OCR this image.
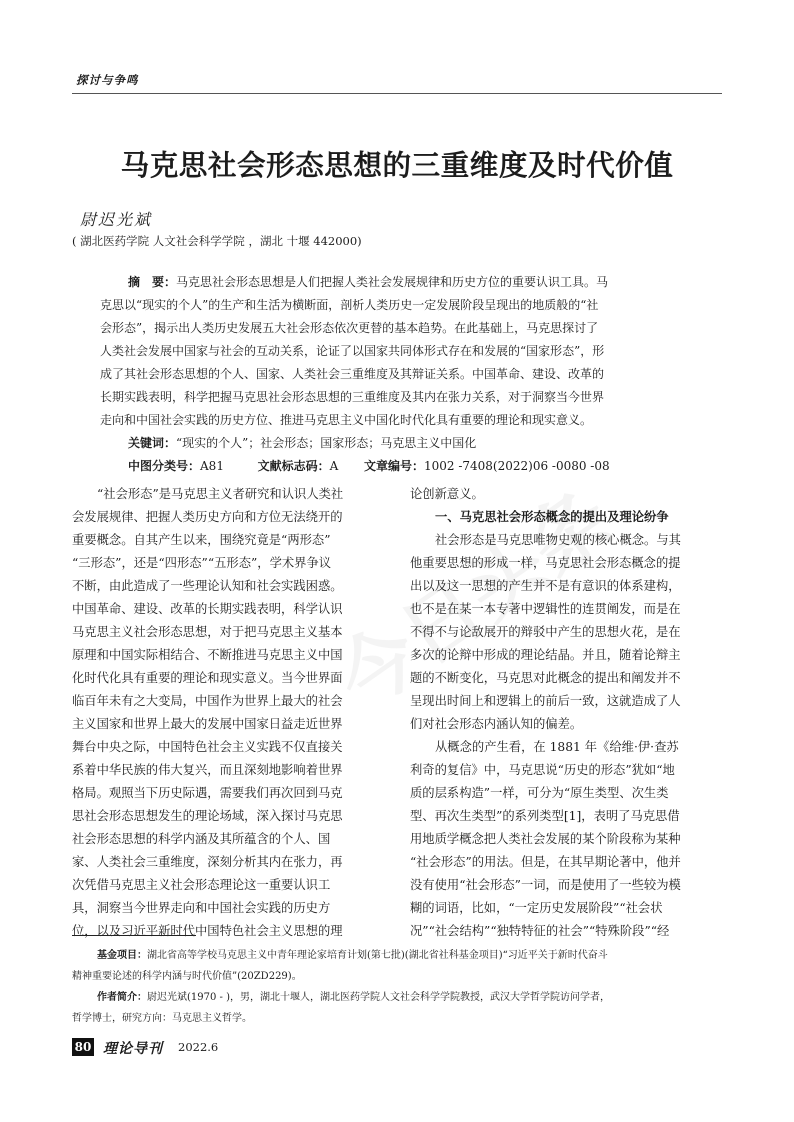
探讨与争鸣
马克思社会形态思想的三重维度及时代价值
尉迟光斌
( 湖北医药学院 人文社会科学学院 ，湖北 十堰 442000)
摘　要：马克思社会形态思想是人们把握人类社会发展规律和历史方位的重要认识工具。马
克思以“现实的个人”的生产和生活为横断面，剖析人类历史一定发展阶段呈现出的地质般的“社
会形态”，揭示出人类历史发展五大社会形态依次更替的基本趋势。在此基础上，马克思探讨了
人类社会发展中国家与社会的互动关系，论证了以国家共同体形式存在和发展的“国家形态”，形
成了其社会形态思想的个人、国家、人类社会三重维度及其辩证关系。中国革命、建设、改革的
长期实践表明，科学把握马克思社会形态思想的三重维度及其内在张力关系，对于洞察当今世界
走向和中国社会实践的历史方位、推进马克思主义中国化时代化具有重要的理论和现实意义。
关键词：“现实的个人”；社会形态；国家形态；马克思主义中国化
中图分类号：A81	文献标志码：A 文章编号：1002 -7408(2022)06 -0080 -08
“社会形态”是马克思主义者研究和认识人类社
会发展规律、把握人类历史方向和方位无法绕开的
重要概念。自其产生以来，围绕究竟是“两形态”
“三形态”，还是“四形态”“五形态”，学术界争议
不断，由此造成了一些理论认知和社会实践困惑。
中国革命、建设、改革的长期实践表明，科学认识
马克思主义社会形态思想，对于把马克思主义基本
原理和中国实际相结合、不断推进马克思主义中国
化时代化具有重要的理论和现实意义。当今世界面
临百年未有之大变局，中国作为世界上最大的社会
主义国家和世界上最大的发展中国家日益走近世界
舞台中央之际，中国特色社会主义实践不仅直接关
系着中华民族的伟大复兴，而且深刻地影响着世界
格局。观照当下历史际遇，需要我们再次回到马克
思社会形态思想发生的理论场域，深入探讨马克思
社会形态思想的科学内涵及其所蕴含的个人、国
家、人类社会三重维度，深刻分析其内在张力，再
次凭借马克思主义社会形态理论这一重要认识工
具，洞察当今世界走向和中国社会实践的历史方
位，以及习近平新时代中国特色社会主义思想的理
论创新意义。
一、马克思社会形态概念的提出及理论纷争
社会形态是马克思唯物史观的核心概念。与其
他重要思想的形成一样，马克思社会形态概念的提
出以及这一思想的产生并不是有意识的体系建构，
也不是在某一本专著中逻辑性的连贯阐发，而是在
不得不与论敌展开的辩驳中产生的思想火花，是在
多次的论辩中形成的理论结晶。并且，随着论辩主
题的不断变化，马克思对此概念的提出和阐发并不
呈现出时间上和逻辑上的前后一致，这就造成了人
们对社会形态内涵认知的偏差。
从概念的产生看，在 1881 年《给维·伊·查苏
利奇的复信》中，马克思说“历史的形态”犹如“地
质的层系构造”一样，可分为“原生类型、次生类
型、再次生类型”的系列类型[1]，表明了马克思借
用地质学概念把人类社会发展的某个阶段称为某种
“社会形态”的用法。但是，在其早期论著中，他并
没有使用“社会形态”一词，而是使用了一些较为模
糊的词语，比如，“一定历史发展阶段”“社会状
况”“社会结构”“独特特征的社会”“特殊阶段”“经
基金项目：湖北省高等学校马克思主义中青年理论家培育计划(第七批)(湖北省社科基金项目)“习近平关于新时代奋斗
精神重要论述的科学内涵与时代价值”(20ZD229)。
作者简介：尉迟光斌(1970 - )，男，湖北十堰人，湖北医药学院人文社会科学学院教授，武汉大学哲学院访问学者，
哲学博士，研究方向：马克思主义哲学。
80 理论导刊 2022.6
